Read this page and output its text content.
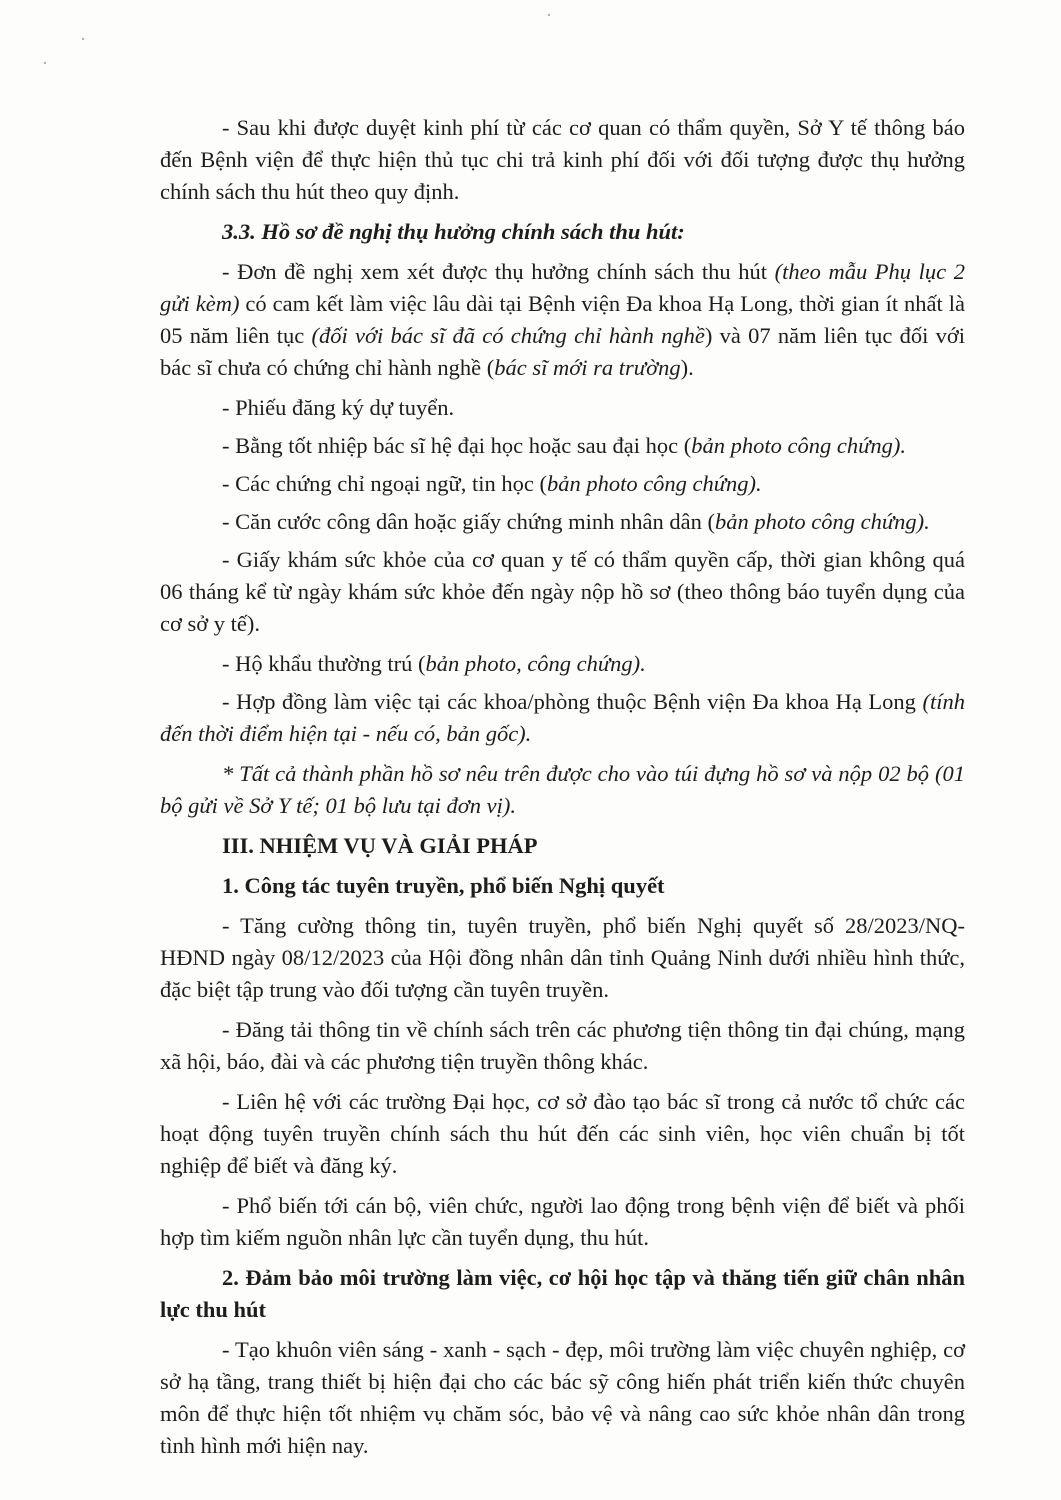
- Sau khi được duyệt kinh phí từ các cơ quan có thẩm quyền, Sở Y tế thông báo đến Bệnh viện để thực hiện thủ tục chi trả kinh phí đối với đối tượng được thụ hưởng chính sách thu hút theo quy định.

3.3. Hồ sơ đề nghị thụ hưởng chính sách thu hút:

- Đơn đề nghị xem xét được thụ hưởng chính sách thu hút (theo mẫu Phụ lục 2 gửi kèm) có cam kết làm việc lâu dài tại Bệnh viện Đa khoa Hạ Long, thời gian ít nhất là 05 năm liên tục (đối với bác sĩ đã có chứng chỉ hành nghề) và 07 năm liên tục đối với bác sĩ chưa có chứng chỉ hành nghề (bác sĩ mới ra trường).

- Phiếu đăng ký dự tuyển.

- Bằng tốt nhiệp bác sĩ hệ đại học hoặc sau đại học (bản photo công chứng).

- Các chứng chỉ ngoại ngữ, tin học (bản photo công chứng).

- Căn cước công dân hoặc giấy chứng minh nhân dân (bản photo công chứng).

- Giấy khám sức khỏe của cơ quan y tế có thẩm quyền cấp, thời gian không quá 06 tháng kể từ ngày khám sức khỏe đến ngày nộp hồ sơ (theo thông báo tuyển dụng của cơ sở y tế).

- Hộ khẩu thường trú (bản photo, công chứng).

- Hợp đồng làm việc tại các khoa/phòng thuộc Bệnh viện Đa khoa Hạ Long (tính đến thời điểm hiện tại - nếu có, bản gốc).

* Tất cả thành phần hồ sơ nêu trên được cho vào túi đựng hồ sơ và nộp 02 bộ (01 bộ gửi về Sở Y tế; 01 bộ lưu tại đơn vị).

III. NHIỆM VỤ VÀ GIẢI PHÁP

1. Công tác tuyên truyền, phổ biến Nghị quyết

- Tăng cường thông tin, tuyên truyền, phổ biến Nghị quyết số 28/2023/NQ-HĐND ngày 08/12/2023 của Hội đồng nhân dân tỉnh Quảng Ninh dưới nhiều hình thức, đặc biệt tập trung vào đối tượng cần tuyên truyền.

- Đăng tải thông tin về chính sách trên các phương tiện thông tin đại chúng, mạng xã hội, báo, đài và các phương tiện truyền thông khác.

- Liên hệ với các trường Đại học, cơ sở đào tạo bác sĩ trong cả nước tổ chức các hoạt động tuyên truyền chính sách thu hút đến các sinh viên, học viên chuẩn bị tốt nghiệp để biết và đăng ký.

- Phổ biến tới cán bộ, viên chức, người lao động trong bệnh viện để biết và phối hợp tìm kiếm nguồn nhân lực cần tuyển dụng, thu hút.

2. Đảm bảo môi trường làm việc, cơ hội học tập và thăng tiến giữ chân nhân lực thu hút

- Tạo khuôn viên sáng - xanh - sạch - đẹp, môi trường làm việc chuyên nghiệp, cơ sở hạ tầng, trang thiết bị hiện đại cho các bác sỹ công hiến phát triển kiến thức chuyên môn để thực hiện tốt nhiệm vụ chăm sóc, bảo vệ và nâng cao sức khỏe nhân dân trong tình hình mới hiện nay.
